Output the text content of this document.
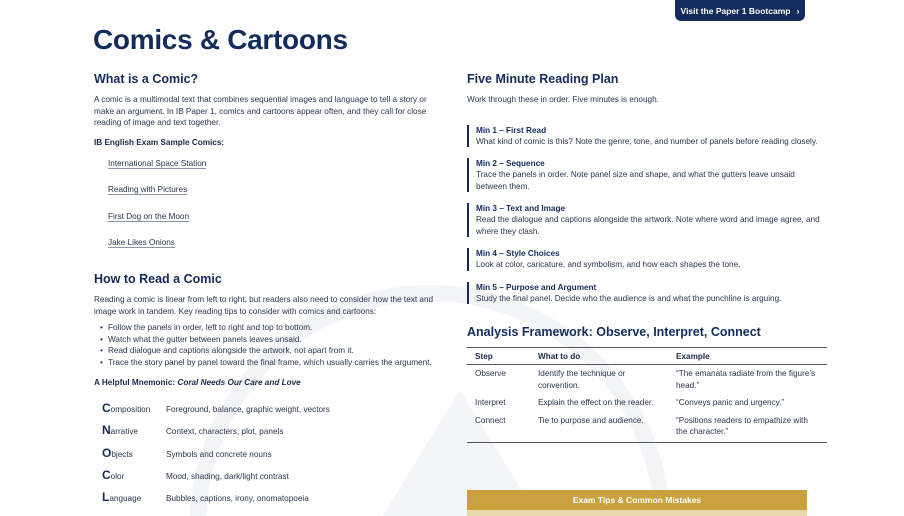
Visit the Paper 1 Bootcamp ›
Comics & Cartoons
What is a Comic?

A comic is a multimodal text that combines sequential images and language to tell a story or make an argument. In IB Paper 1, comics and cartoons appear often, and they call for close reading of image and text together.

IB English Exam Sample Comics:
International Space Station
Reading with Pictures
First Dog on the Moon
Jake Likes Onions
How to Read a Comic

Reading a comic is linear from left to right, but readers also need to consider how the text and image work in tandem. Key reading tips to consider with comics and cartoons:

• Follow the panels in order, left to right and top to bottom.
• Watch what the gutter between panels leaves unsaid.
• Read dialogue and captions alongside the artwork, not apart from it.
• Trace the story panel by panel toward the final frame, which usually carries the argument.
A Helpful Mnemonic: Coral Needs Our Care and Love
Composition	Foreground, balance, graphic weight, vectors
Narrative	Context, characters, plot, panels
Objects	Symbols and concrete nouns
Color	Mood, shading, dark/light contrast
Language	Bubbles, captions, irony, onomatopoeia
Five Minute Reading Plan

Work through these in order. Five minutes is enough.

Min 1 – First Read
What kind of comic is this? Note the genre, tone, and number of panels before reading closely.
Min 2 – Sequence
Trace the panels in order. Note panel size and shape, and what the gutters leave unsaid between them.
Min 3 – Text and Image
Read the dialogue and captions alongside the artwork. Note where word and image agree, and where they clash.
Min 4 – Style Choices
Look at color, caricature, and symbolism, and how each shapes the tone.
Min 5 – Purpose and Argument
Study the final panel. Decide who the audience is and what the punchline is arguing.
Analysis Framework: Observe, Interpret, Connect
Step	What to do	Example
Observe	Identify the technique or convention.	“The emanata radiate from the figure’s head.”
Interpret	Explain the effect on the reader.	“Conveys panic and urgency.”
Connect	Tie to purpose and audience.	“Positions readers to empathize with the character.”
Exam Tips & Common Mistakes
